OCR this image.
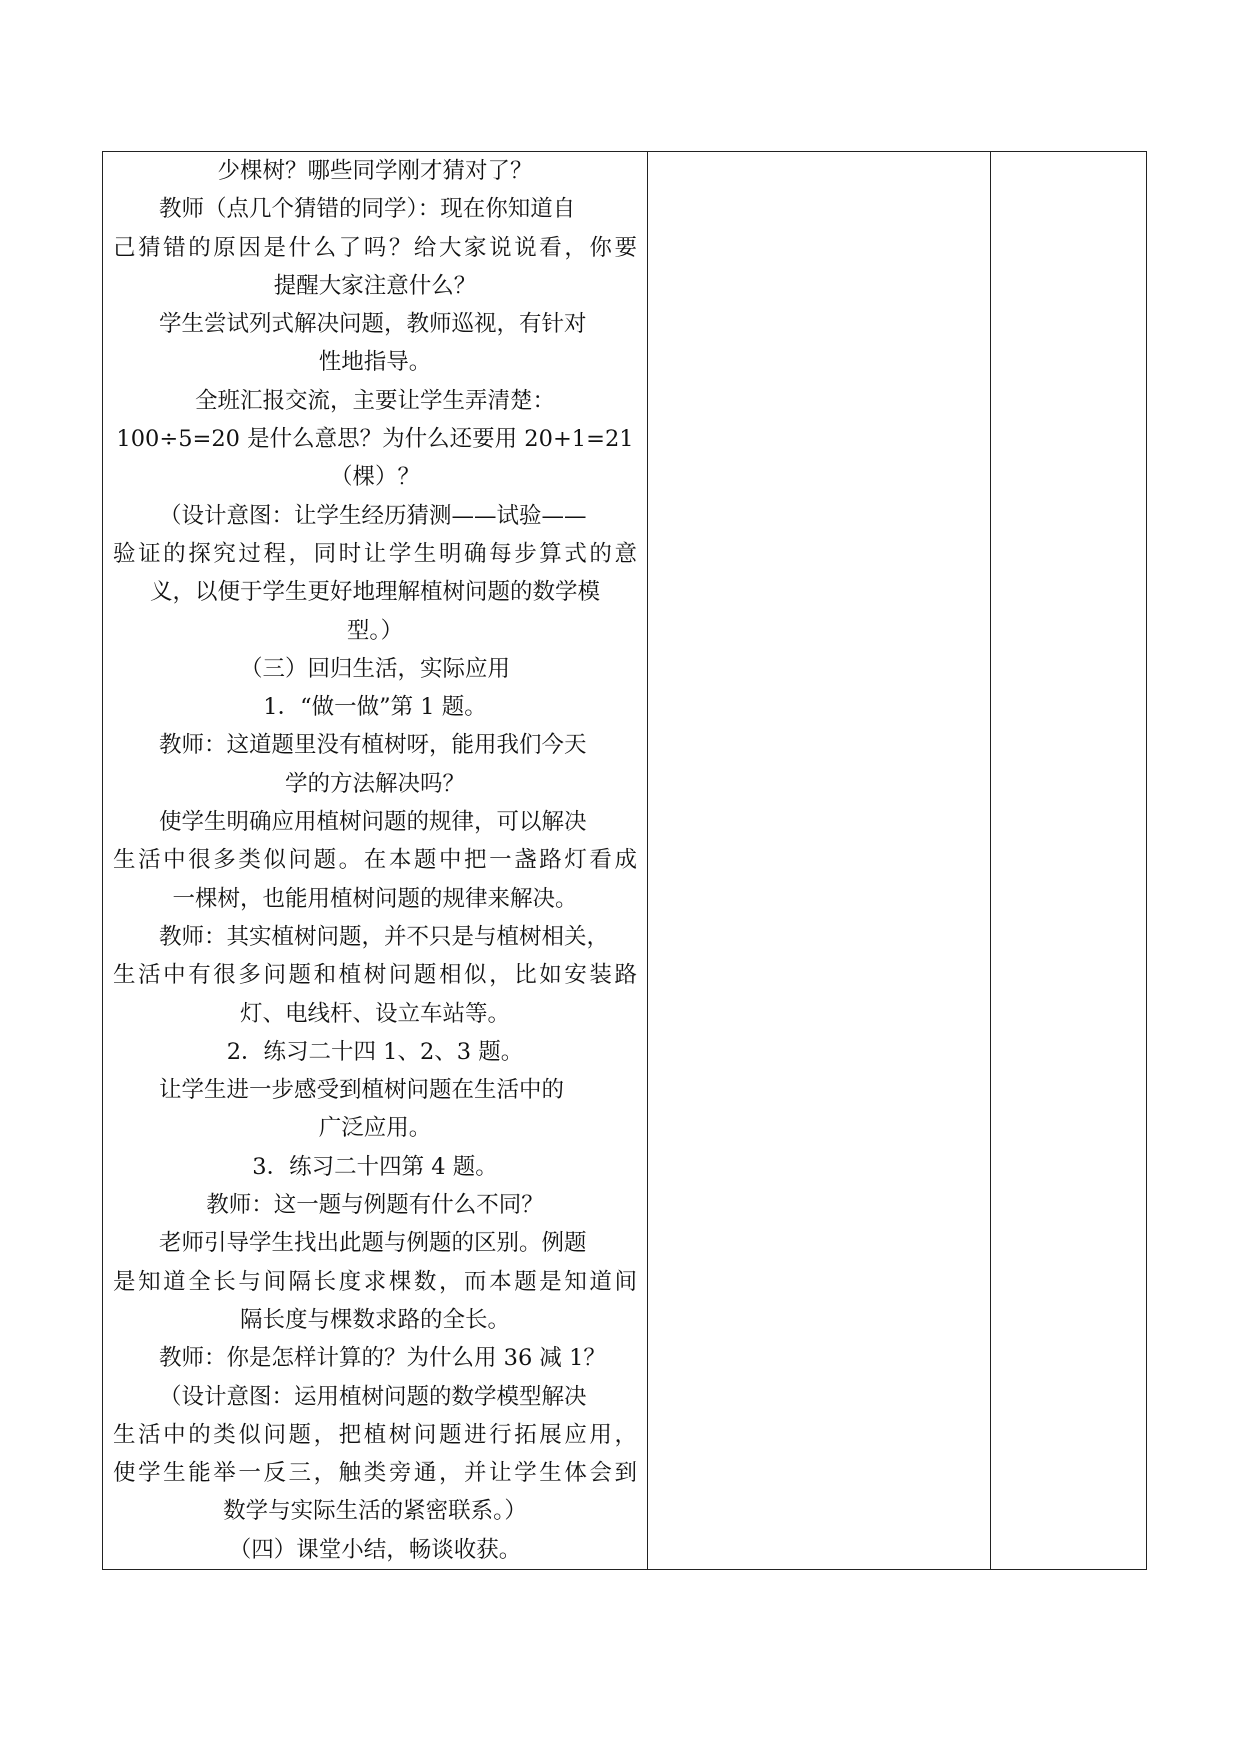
少棵树？哪些同学刚才猜对了？
教师（点几个猜错的同学）：现在你知道自
己猜错的原因是什么了吗？给大家说说看，你要
提醒大家注意什么？
学生尝试列式解决问题，教师巡视，有针对
性地指导。
全班汇报交流，主要让学生弄清楚：
100÷5=20 是什么意思？为什么还要用 20+1=21
（棵）？
（设计意图：让学生经历猜测——试验——
验证的探究过程，同时让学生明确每步算式的意
义，以便于学生更好地理解植树问题的数学模
型。）
（三）回归生活，实际应用
1．“做一做”第 1 题。
教师：这道题里没有植树呀，能用我们今天
学的方法解决吗？
使学生明确应用植树问题的规律，可以解决
生活中很多类似问题。在本题中把一盏路灯看成
一棵树，也能用植树问题的规律来解决。
教师：其实植树问题，并不只是与植树相关，
生活中有很多问题和植树问题相似，比如安装路
灯、电线杆、设立车站等。
2．练习二十四 1、2、3 题。
让学生进一步感受到植树问题在生活中的
广泛应用。
3．练习二十四第 4 题。
教师：这一题与例题有什么不同？
老师引导学生找出此题与例题的区别。例题
是知道全长与间隔长度求棵数，而本题是知道间
隔长度与棵数求路的全长。
教师：你是怎样计算的？为什么用 36 减 1？
（设计意图：运用植树问题的数学模型解决
生活中的类似问题，把植树问题进行拓展应用，
使学生能举一反三，触类旁通，并让学生体会到
数学与实际生活的紧密联系。）
（四）课堂小结，畅谈收获。
